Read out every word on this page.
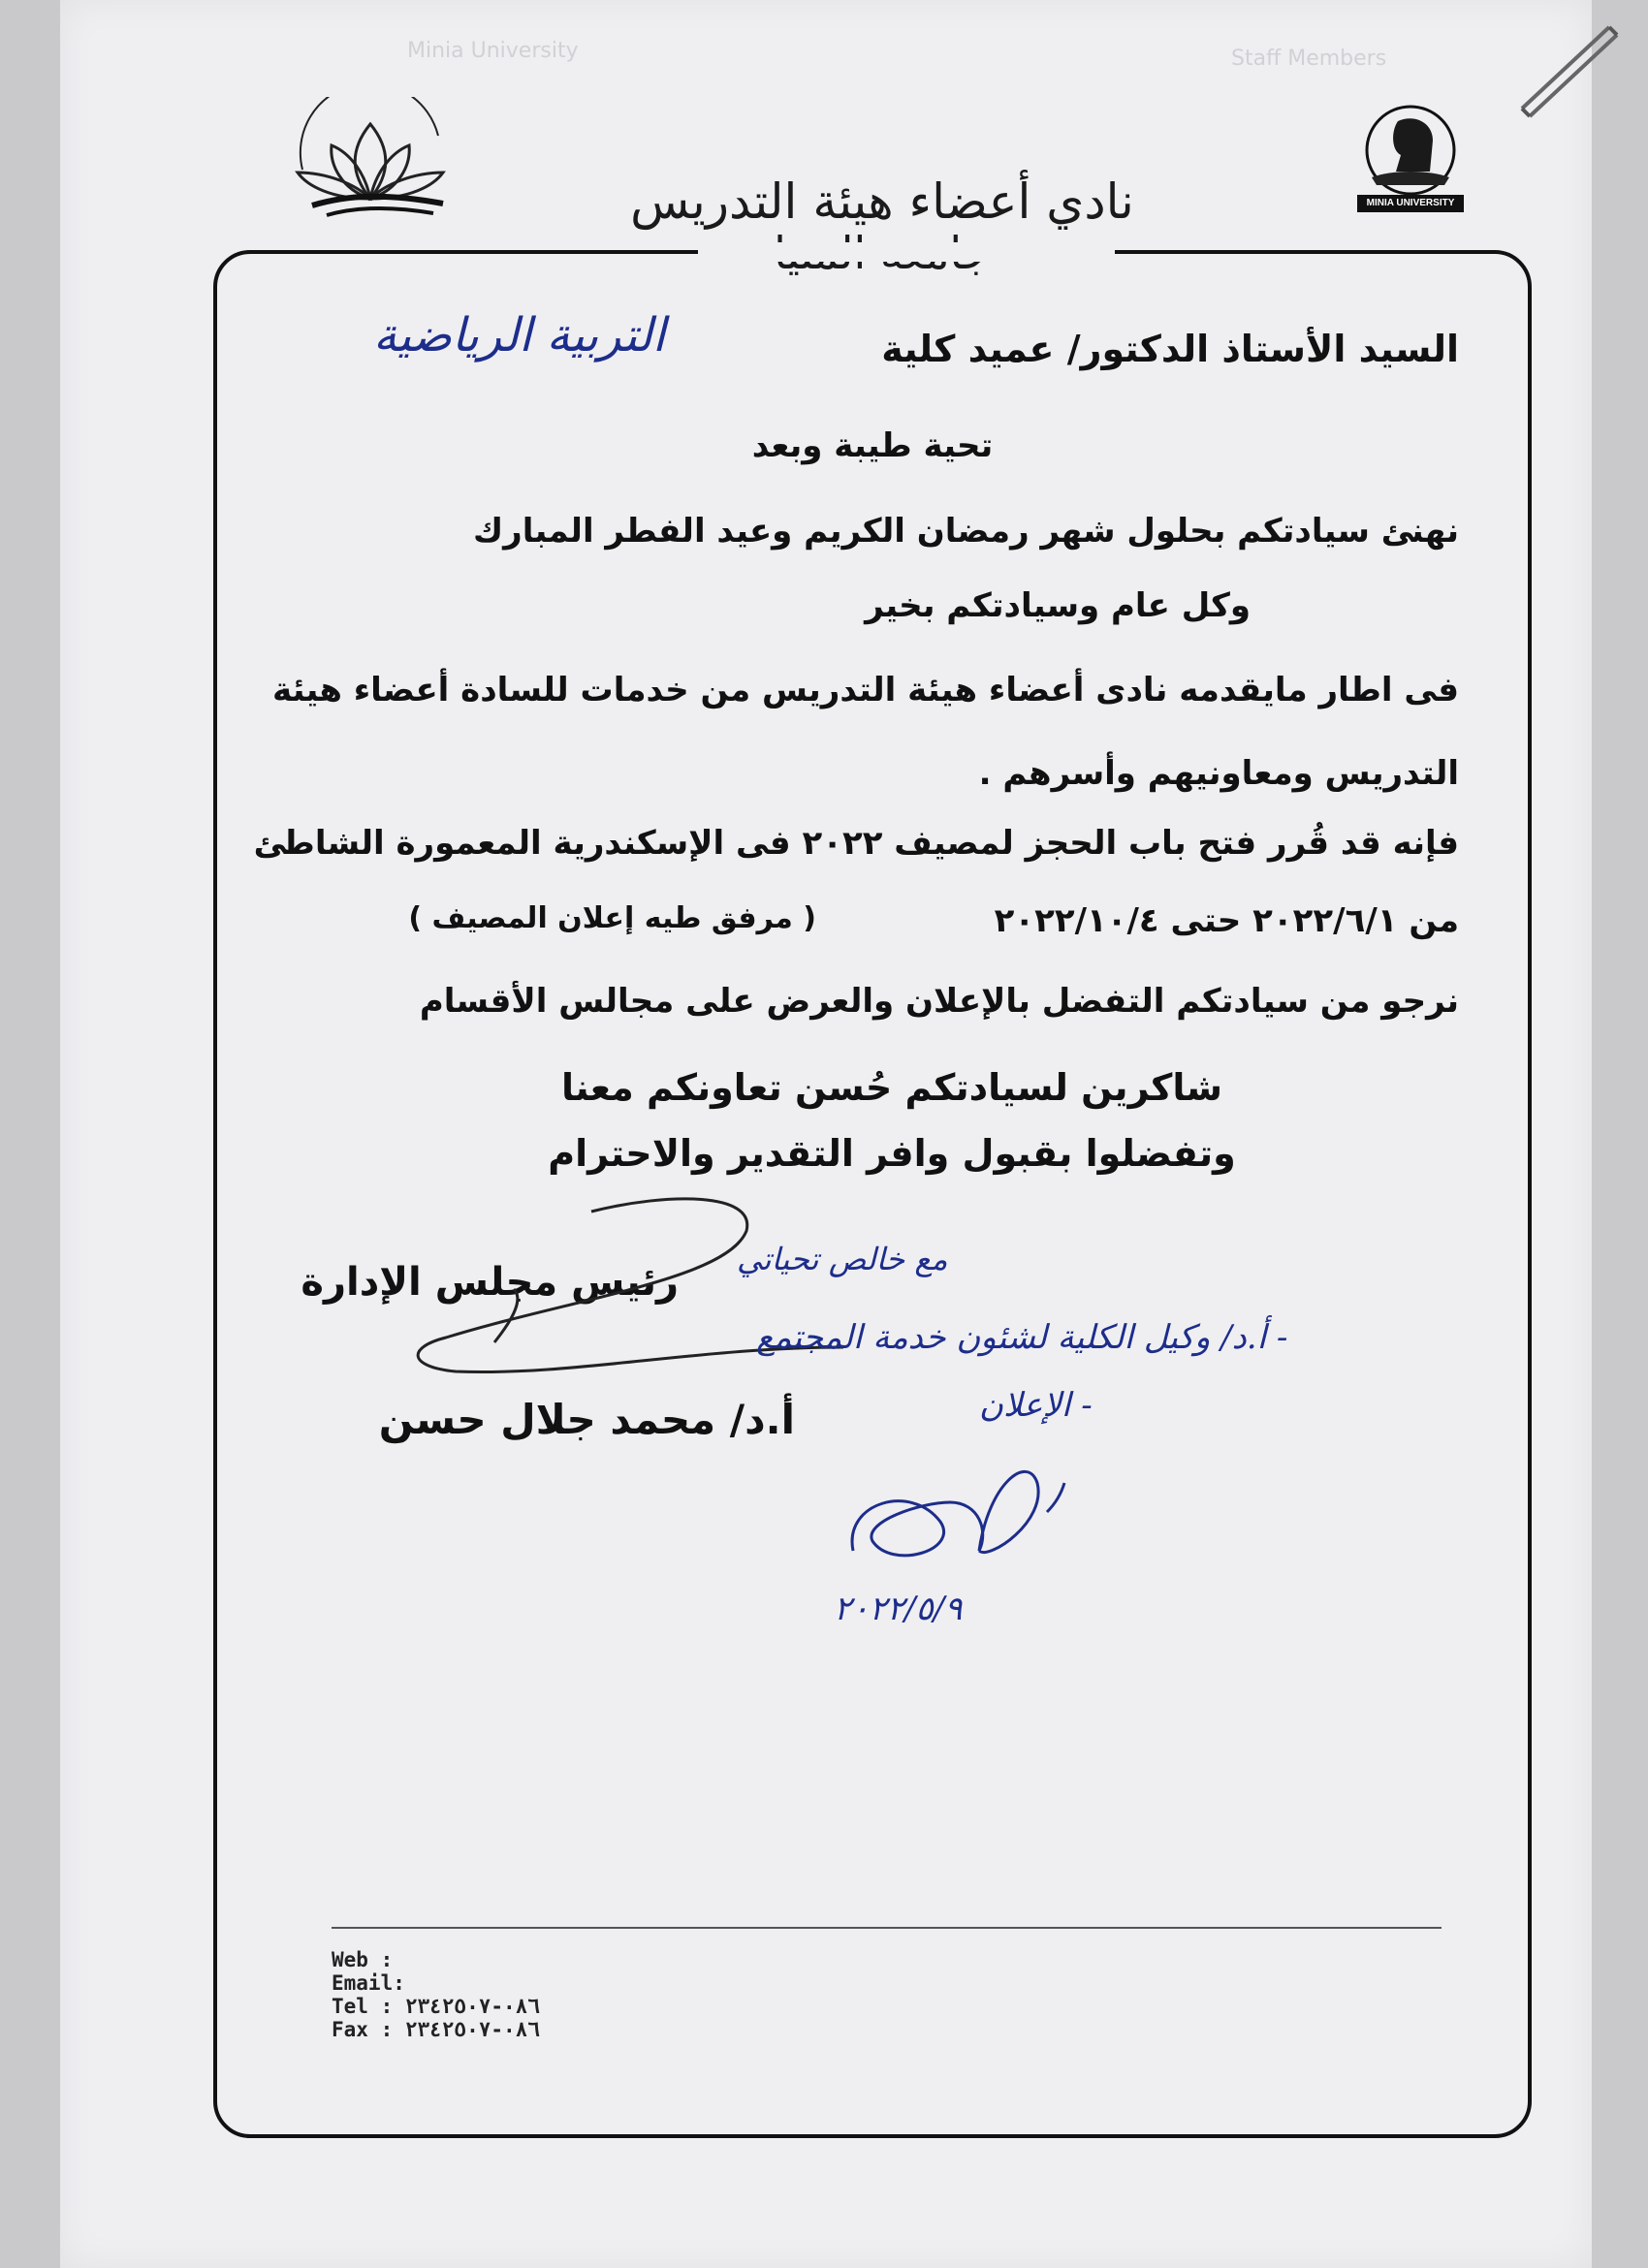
Minia University	Staff Members
MINIA UNIVERSITY
نادي أعضاء هيئة التدريس
السيد الأستاذ الدكتور/ عميد كلية
التربية الرياضية
تحية طيبة وبعد
نهنئ سيادتكم بحلول شهر رمضان الكريم وعيد الفطر المبارك
وكل عام وسيادتكم بخير
فى اطار مايقدمه نادى أعضاء هيئة التدريس من خدمات للسادة أعضاء هيئة
التدريس ومعاونيهم وأسرهم .
فإنه قد قُرر فتح باب الحجز لمصيف ٢٠٢٢ فى الإسكندرية المعمورة الشاطئ
من ٢٠٢٢/٦/١ حتى ٢٠٢٢/١٠/٤
( مرفق طيه إعلان المصيف )
نرجو من سيادتكم التفضل بالإعلان والعرض على مجالس الأقسام
شاكرين لسيادتكم حُسن تعاونكم معنا
وتفضلوا بقبول وافر التقدير والاحترام
رئيس مجلس الإدارة
مع خالص تحياتي
أ.د/ محمد جلال حسن
- أ.د/ وكيل الكلية لشئون خدمة المجتمع
- الإعلان
٢٠٢٢/٥/٩
Web :
Email:
Tel : ٠٨٦-٢٣٤٢٥٠٧
Fax : ٠٨٦-٢٣٤٢٥٠٧
